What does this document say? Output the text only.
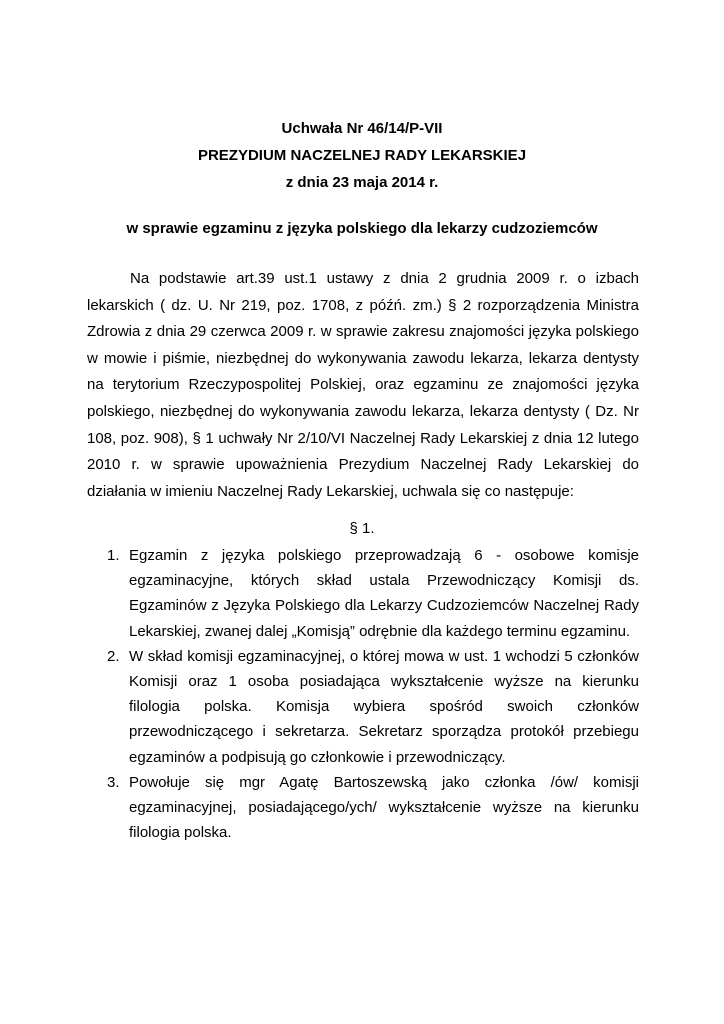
Uchwała Nr 46/14/P-VII
PREZYDIUM NACZELNEJ RADY LEKARSKIEJ
z dnia 23 maja 2014 r.
w sprawie egzaminu z języka polskiego dla lekarzy cudzoziemców

Na podstawie art.39 ust.1 ustawy z dnia 2 grudnia 2009 r. o izbach lekarskich ( dz. U. Nr 219, poz. 1708, z późń. zm.) § 2 rozporządzenia Ministra Zdrowia z dnia 29 czerwca 2009 r. w sprawie zakresu znajomości języka polskiego w mowie i piśmie, niezbędnej do wykonywania zawodu lekarza, lekarza dentysty na terytorium Rzeczypospolitej Polskiej, oraz egzaminu ze znajomości języka polskiego, niezbędnej do wykonywania zawodu lekarza, lekarza dentysty ( Dz. Nr 108, poz. 908), § 1 uchwały Nr 2/10/VI Naczelnej Rady Lekarskiej z dnia 12 lutego 2010 r. w sprawie upoważnienia Prezydium Naczelnej Rady Lekarskiej do działania w imieniu Naczelnej Rady Lekarskiej, uchwala się co następuje:

§ 1.
1. Egzamin z języka polskiego przeprowadzają 6 - osobowe komisje egzaminacyjne, których skład ustala Przewodniczący Komisji ds. Egzaminów z Języka Polskiego dla Lekarzy Cudzoziemców Naczelnej Rady Lekarskiej, zwanej dalej „Komisją” odrębnie dla każdego terminu egzaminu.
2. W skład komisji egzaminacyjnej, o której mowa w ust. 1 wchodzi 5 członków Komisji oraz 1 osoba posiadająca wykształcenie wyższe na kierunku filologia polska. Komisja wybiera spośród swoich członków przewodniczącego i sekretarza. Sekretarz sporządza protokół przebiegu egzaminów a podpisują go członkowie i przewodniczący.
3. Powołuje się mgr Agatę Bartoszewską jako członka /ów/ komisji egzaminacyjnej, posiadającego/ych/ wykształcenie wyższe na kierunku filologia polska.
